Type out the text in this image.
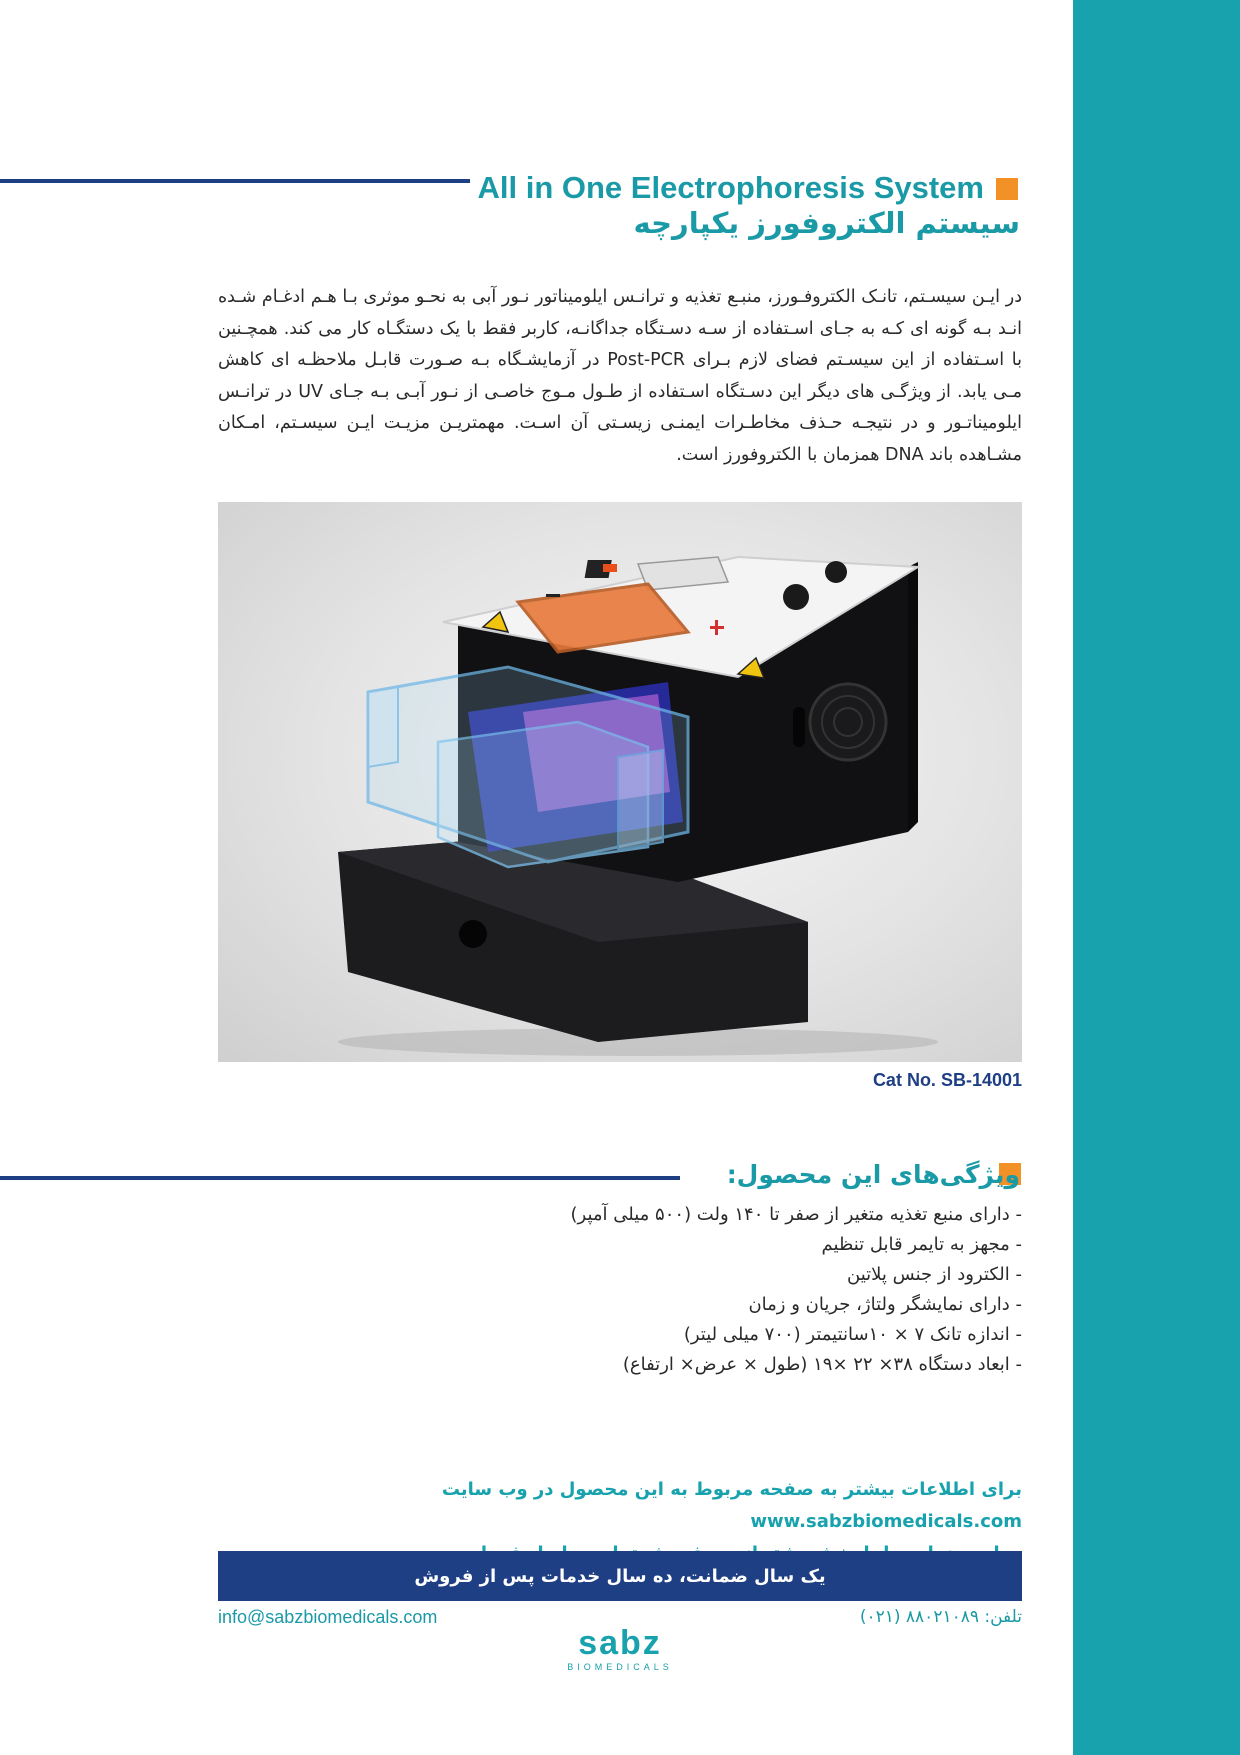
All in One Electrophoresis System
سیستم الکتروفورز یکپارچه
در ایـن سیسـتم، تانـک الکتروفـورز، منبـع تغذیه و ترانـس ایلومیناتور نـور آبی به نحـو موثری بـا هـم ادغـام شـده انـد بـه گونه ای کـه به جـای اسـتفاده از سـه دسـتگاه جداگانـه، کاربر فقط با یک دستگـاه کار می کند. همچـنین با اسـتفاده از این سیسـتم فضای لازم بـرای Post-PCR در آزمایشـگاه بـه صـورت قابـل ملاحظـه ای کاهش مـی یابد. از ویژگـی های دیگر این دسـتگاه اسـتفاده از طـول مـوج خاصـی از نـور آبـی بـه جـای UV در ترانـس ایلومیناتـور و در نتیجـه حـذف مخاطـرات ایمنـی زیسـتی آن اسـت. مهمتریـن مزیـت ایـن سیسـتم، امـکان مشـاهده باند DNA همزمان با الکتروفورز است.
Cat No. SB-14001
ویژگی‌های این محصول:
- دارای منبع تغذیه متغیر از صفر تا ۱۴۰ ولت (۵۰۰ میلی آمپر)
- مجهز به تایمر قابل تنظیم
- الکترود از جنس پلاتین
- دارای نمایشگر ولتاژ، جریان و زمان
- اندازه تانک ۷ × ۱۰سانتیمتر (۷۰۰ میلی لیتر)
- ابعاد دستگاه ۳۸× ۲۲ ×۱۹ (طول × عرض× ارتفاع)
برای اطلاعات بیشتر به صفحه مربوط به این محصول در وب سایت www.sabzbiomedicals.com

یک سال ضمانت، ده سال خدمات پس از فروش
info@sabzbiomedicals.com	تلفن: ۸۸۰۲۱۰۸۹ (۰۲۱)
sabz
BIOMEDICALS
